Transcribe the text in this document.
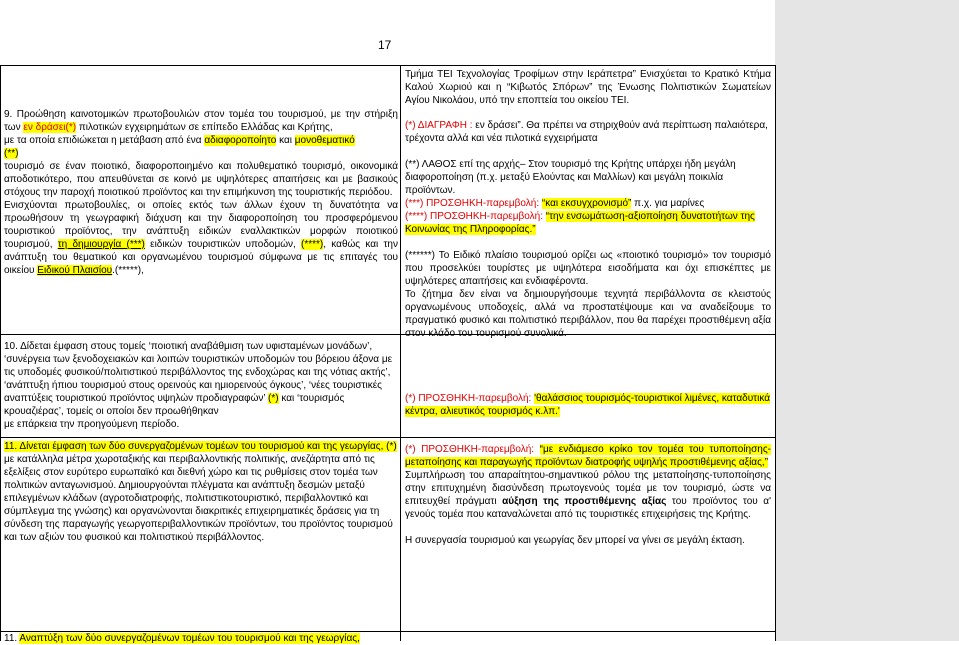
17

Τμήμα ΤΕΙ Τεχνολογίας Τροφίμων στην Ιεράπετρα” Ενισχύεται το Κρατικό Κτήμα Καλού Χωριού και η “Κιβωτός Σπόρων” της Ένωσης Πολιτιστικών Σωματείων Αγίου Νικολάου, υπό την εποπτεία του οικείου ΤΕΙ.

9. Προώθηση καινοτομικών πρωτοβουλιών στον τομέα του τουρισμού, με την στήριξη των εν δράσει(*) πιλοτικών εγχειρημάτων σε επίπεδο Ελλάδας και Κρήτης,

με τα οποία επιδιώκεται η μετάβαση από ένα αδιαφοροποίητο και μονοθεματικό
(**)

τουρισμό σε έναν ποιοτικό, διαφοροποιημένο και πολυθεματικό τουρισμό, οικονομικά αποδοτικότερο, που απευθύνεται σε κοινό με υψηλότερες απαιτήσεις και με βασικούς στόχους την παροχή ποιοτικού προϊόντος και την επιμήκυνση της τουριστικής περιόδου.

Ενισχύονται πρωτοβουλίες, οι οποίες εκτός των άλλων έχουν τη δυνατότητα να προωθήσουν τη γεωγραφική διάχυση και την διαφοροποίηση του προσφερόμενου τουριστικού προϊόντος, την ανάπτυξη ειδικών εναλλακτικών μορφών ποιοτικού τουρισμού, τη δημιουργία (***) ειδικών τουριστικών υποδομών, (****), καθώς και την ανάπτυξη του θεματικού και οργανωμένου τουρισμού σύμφωνα με τις επιταγές του οικείου Ειδικού Πλαισίου.(*****),

(*) ΔΙΑΓΡΑΦΗ : εν δράσει”. Θα πρέπει να στηριχθούν ανά περίπτωση παλαιότερα, τρέχοντα αλλά και νέα πιλοτικά εγχειρήματα

(**) ΛΑΘΟΣ επί της αρχής– Στον τουρισμό της Κρήτης υπάρχει ήδη μεγάλη διαφοροποίηση (π.χ. μεταξύ Ελούντας και Μαλλίων) και μεγάλη ποικιλία προϊόντων.

(***) ΠΡΟΣΘΗΚΗ-παρεμβολή: “και εκσυγχρονισμό” π.χ. για μαρίνες

(****) ΠΡΟΣΘΗΚΗ-παρεμβολή: “την ενσωμάτωση-αξιοποίηση δυνατοτήτων της Κοινωνίας της Πληροφορίας.”

(******) Το Ειδικό πλαίσιο τουρισμού ορίζει ως «ποιοτικό τουρισμό» τον τουρισμό που προσελκύει τουρίστες με υψηλότερα εισοδήματα και όχι επισκέπτες με υψηλότερες απαιτήσεις και ενδιαφέροντα.

Το ζήτημα δεν είναι να δημιουργήσουμε τεχνητά περιβάλλοντα σε κλειστούς οργανωμένους υποδοχείς, αλλά να προστατέψουμε και να αναδείξουμε το πραγματικό φυσικό και πολιτιστικό περιβάλλον, που θα παρέχει προστιθέμενη αξία στον κλάδο του τουρισμού συνολικά.

10. Δίδεται έμφαση στους τομείς ‘ποιοτική αναβάθμιση των υφισταμένων μονάδων’, ‘συνέργεια των ξενοδοχειακών και λοιπών τουριστικών υποδομών του βόρειου άξονα με τις υποδομές φυσικού/πολιτιστικού περιβάλλοντος της ενδοχώρας και της νότιας ακτής’, ‘ανάπτυξη ήπιου τουρισμού στους ορεινούς και ημιορεινούς όγκους’, ‘νέες τουριστικές αναπτύξεις τουριστικού προϊόντος υψηλών προδιαγραφών’ (*) και ‘τουρισμός κρουαζιέρας’, τομείς οι οποίοι δεν προωθήθηκαν
με επάρκεια την προηγούμενη περίοδο.

(*) ΠΡΟΣΘΗΚΗ-παρεμβολή: 'θαλάσσιος τουρισμός-τουριστικοί λιμένες, καταδυτικά κέντρα, αλιευτικός τουρισμός κ.λπ.'

11. Δίνεται έμφαση των δύο συνεργαζομένων τομέων του τουρισμού και της γεωργίας, (*) με κατάλληλα μέτρα χωροταξικής και περιβαλλοντικής πολιτικής, ανεζάρτητα από τις εξελίξεις στον ευρύτερο ευρωπαϊκό και διεθνή χώρο και τις ρυθμίσεις στον τομέα των πολιτικών ανταγωνισμού. Δημιουργούνται πλέγματα και ανάπτυξη δεσμών μεταξύ επιλεγμένων κλάδων (αγροτοδιατροφής, πολιτιστικοτουριστικό, περιβαλλοντικό και σύμπλεγμα της γνώσης) και οργανώνονται διακριτικές επιχειρηματικές δράσεις για τη σύνδεση της παραγωγής γεωργοπεριβαλλοντικών προϊόντων, του προϊόντος τουρισμού και των αξιών του φυσικού και πολιτιστικού περιβάλλοντος.

(*) ΠΡΟΣΘΗΚΗ-παρεμβολή: “με ενδιάμεσο κρίκο τον τομέα του τυποποίησης-μεταποίησης και παραγωγής προϊόντων διατροφής υψηλής προστιθέμενης αξίας,”

Συμπλήρωση του απαραίτητου-σημαντικού ρόλου της μεταποίησης-τυποποίησης στην επιτυχημένη διασύνδεση πρωτογενούς τομέα με τον τουρισμό, ώστε να επιτευχθεί πράγματι αύξηση της προστιθέμενης αξίας του προϊόντος του α' γενούς τομέα που καταναλώνεται από τις τουριστικές επιχειρήσεις της Κρήτης.

Η συνεργασία τουρισμού και γεωργίας δεν μπορεί να γίνει σε μεγάλη έκταση.

11. Αναπτύξη των δύο συνεργαζομένων τομέων του τουρισμού και της γεωργίας,
